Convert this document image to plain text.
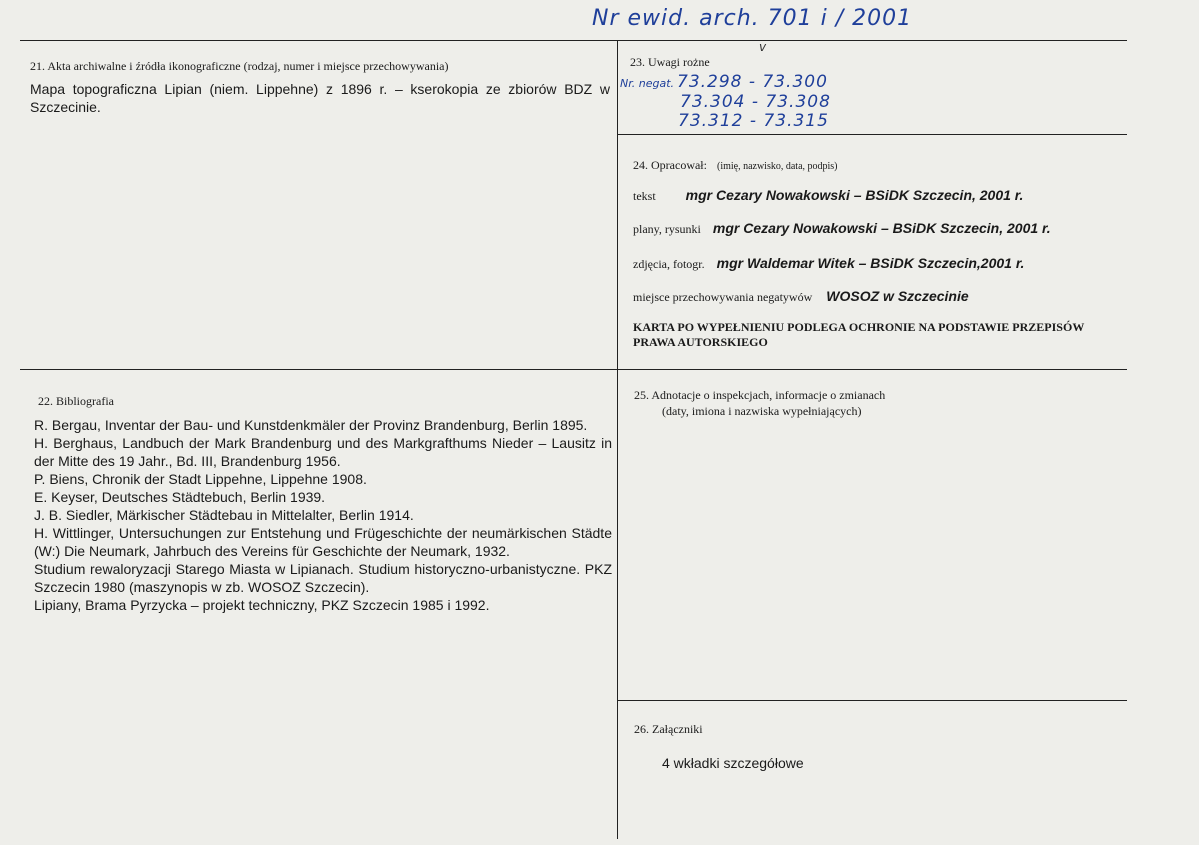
Nr ewid. arch. 701 i / 2001
v
21. Akta archiwalne i źródła ikonograficzne (rodzaj, numer i miejsce przechowywania)
Mapa topograficzna Lipian (niem. Lippehne) z 1896 r. – kserokopia ze zbiorów BDZ w Szczecinie.
23. Uwagi rożne
Nr. negat. 73.298 - 73.300
73.304 - 73.308
73.312 - 73.315
24. Opracował: (imię, nazwisko, data, podpis)
tekst mgr Cezary Nowakowski – BSiDK Szczecin, 2001 r.
plany, rysunki mgr Cezary Nowakowski – BSiDK Szczecin, 2001 r.
zdjęcia, fotogr. mgr Waldemar Witek – BSiDK Szczecin,2001 r.
miejsce przechowywania negatywów WOSOZ w Szczecinie
KARTA PO WYPEŁNIENIU PODLEGA OCHRONIE NA PODSTAWIE PRZEPISÓW PRAWA AUTORSKIEGO
22. Bibliografia

R. Bergau, Inventar der Bau- und Kunstdenkmäler der Provinz Brandenburg, Berlin 1895.

H. Berghaus, Landbuch der Mark Brandenburg und des Markgrafthums Nieder – Lausitz in der Mitte des 19 Jahr., Bd. III, Brandenburg 1956.

P. Biens, Chronik der Stadt Lippehne, Lippehne 1908.

E. Keyser, Deutsches Städtebuch, Berlin 1939.

J. B. Siedler, Märkischer Städtebau in Mittelalter, Berlin 1914.

H. Wittlinger, Untersuchungen zur Entstehung und Frügeschichte der neumärkischen Städte (W:) Die Neumark, Jahrbuch des Vereins für Geschichte der Neumark, 1932.

Studium rewaloryzacji Starego Miasta w Lipianach. Studium historyczno-urbanistyczne. PKZ Szczecin 1980 (maszynopis w zb. WOSOZ Szczecin).

Lipiany, Brama Pyrzycka – projekt techniczny, PKZ Szczecin 1985 i 1992.

25. Adnotacje o inspekcjach, informacje o zmianach
(daty, imiona i nazwiska wypełniających)
26. Załączniki
4 wkładki szczegółowe
